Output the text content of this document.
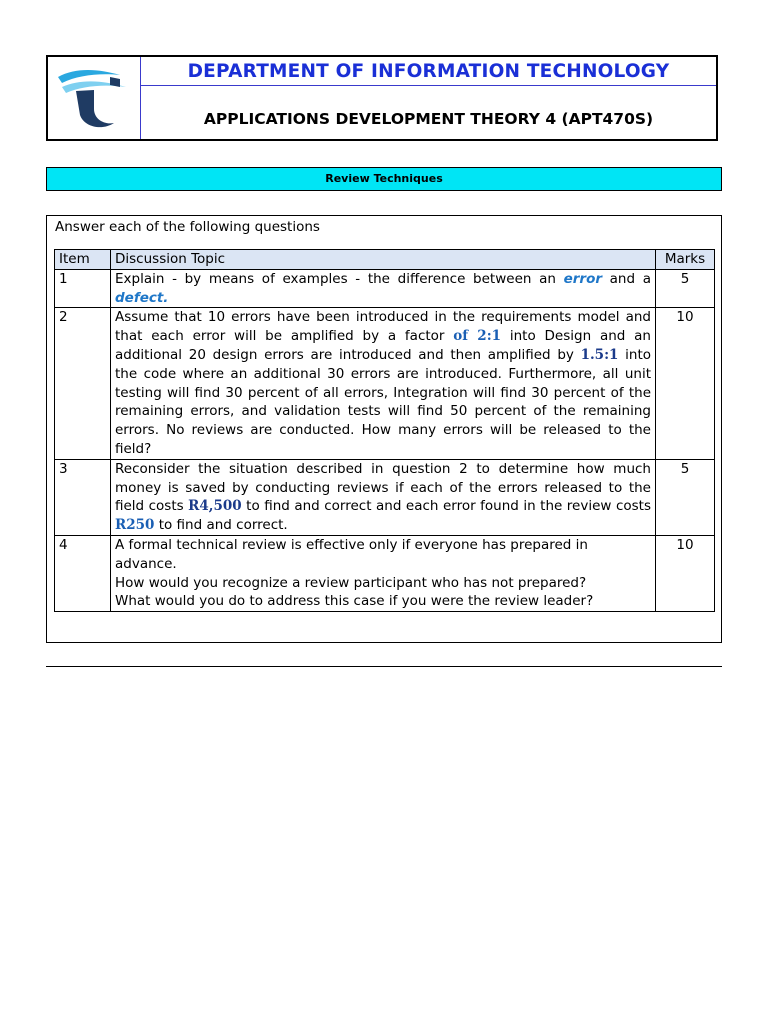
DEPARTMENT OF INFORMATION TECHNOLOGY
APPLICATIONS DEVELOPMENT THEORY 4 (APT470S)
Review Techniques
Answer each of the following questions
Item	Discussion Topic	Marks
1	Explain - by means of examples - the difference between an error and a defect.	5
2	Assume that 10 errors have been introduced in the requirements model and that each error will be amplified by a factor of 2:1 into Design and an additional 20 design errors are introduced and then amplified by 1.5:1 into the code where an additional 30 errors are introduced. Furthermore, all unit testing will find 30 percent of all errors, Integration will find 30 percent of the remaining errors, and validation tests will find 50 percent of the remaining errors. No reviews are conducted. How many errors will be released to the field?	10
3	Reconsider the situation described in question 2 to determine how much money is saved by conducting reviews if each of the errors released to the field costs R4,500 to find and correct and each error found in the review costs R250 to find and correct.	5
4	A formal technical review is effective only if everyone has prepared in advance.
How would you recognize a review participant who has not prepared?
What would you do to address this case if you were the review leader?	10
